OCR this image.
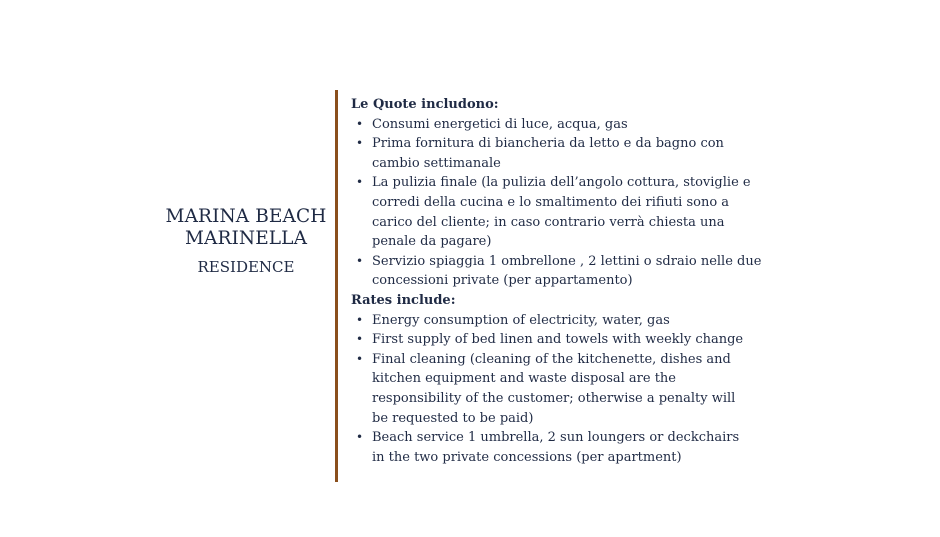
MARINA BEACH
MARINELLA
RESIDENCE
Le Quote includono:
• Consumi energetici di luce, acqua, gas
• Prima fornitura di biancheria da letto e da bagno con cambio settimanale
• La pulizia finale (la pulizia dell’angolo cottura, stoviglie e corredi della cucina e lo smaltimento dei rifiuti sono a carico del cliente; in caso contrario verrà chiesta una penale da pagare)
• Servizio spiaggia 1 ombrellone , 2 lettini o sdraio nelle due concessioni private (per appartamento)
Rates include:
• Energy consumption of electricity, water, gas
• First supply of bed linen and towels with weekly change
• Final cleaning (cleaning of the kitchenette, dishes and kitchen equipment and waste disposal are the responsibility of the customer; otherwise a penalty will be requested to be paid)
• Beach service 1 umbrella, 2 sun loungers or deckchairs in the two private concessions (per apartment)
